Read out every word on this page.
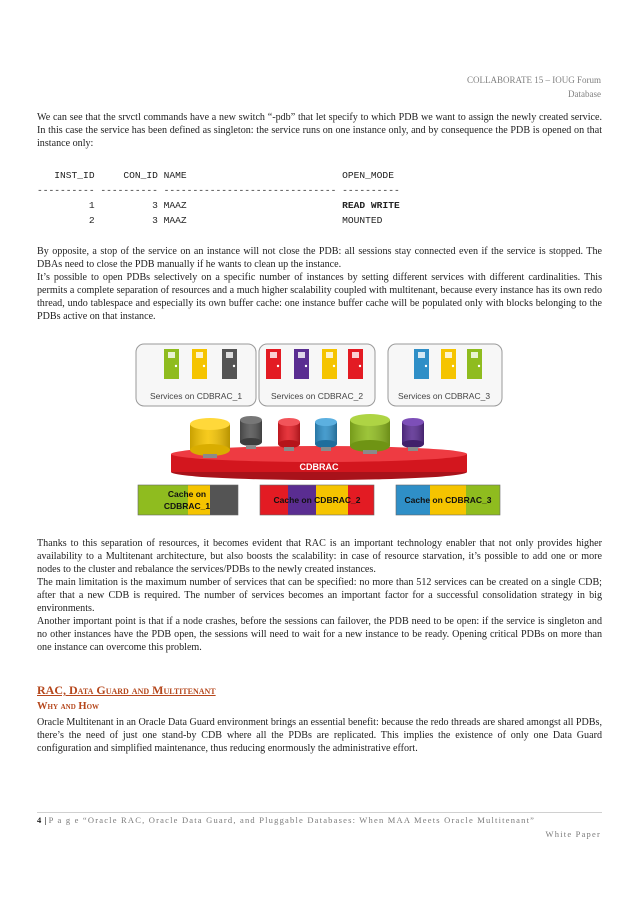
COLLABORATE 15 – IOUG Forum
Database

We can see that the srvctl commands have a new switch “-pdb” that let specify to which PDB we want to assign the newly created service. In this case the service has been defined as singleton: the service runs on one instance only, and by consequence the PDB is opened on that instance only:

INST_ID     CON_ID NAME                           OPEN_MODE
---------- ---------- ------------------------------ ----------
1          3 MAAZ                           READ WRITE
2          3 MAAZ                           MOUNTED

By opposite, a stop of the service on an instance will not close the PDB: all sessions stay connected even if the service is stopped. The DBAs need to close the PDB manually if he wants to clean up the instance.

It’s possible to open PDBs selectively on a specific number of instances by setting different services with different cardinalities. This permits a complete separation of resources and a much higher scalability coupled with multitenant, because every instance has its own redo thread, undo tablespace and especially its own buffer cache: one instance buffer cache will be populated only with blocks belonging to the PDBs active on that instance.

Services on CDBRAC_1	Services on CDBRAC_2	Services on CDBRAC_3
CDBRAC
Cache on
CDBRAC_1
Cache on CDBRAC_2	Cache on CDBRAC_3

Thanks to this separation of resources, it becomes evident that RAC is an important technology enabler that not only provides higher availability to a Multitenant architecture, but also boosts the scalability: in case of resource starvation, it’s possible to add one or more nodes to the cluster and rebalance the services/PDBs to the newly created instances.

The main limitation is the maximum number of services that can be specified: no more than 512 services can be created on a single CDB; after that a new CDB is required. The number of services becomes an important factor for a successful consolidation strategy in big environments.

Another important point is that if a node crashes, before the sessions can failover, the PDB need to be open: if the service is singleton and no other instances have the PDB open, the sessions will need to wait for a new instance to be ready. Opening critical PDBs on more than one instance can overcome this problem.

RAC, Data Guard and Multitenant
Why and How

Oracle Multitenant in an Oracle Data Guard environment brings an essential benefit: because the redo threads are shared amongst all PDBs, there’s the need of just one stand-by CDB where all the PDBs are replicated. This implies the existence of only one Data Guard configuration and simplified maintenance, thus reducing enormously the administrative effort.

4 | P a g e “Oracle RAC, Oracle Data Guard, and Pluggable Databases: When MAA Meets Oracle Multitenant”
White Paper
